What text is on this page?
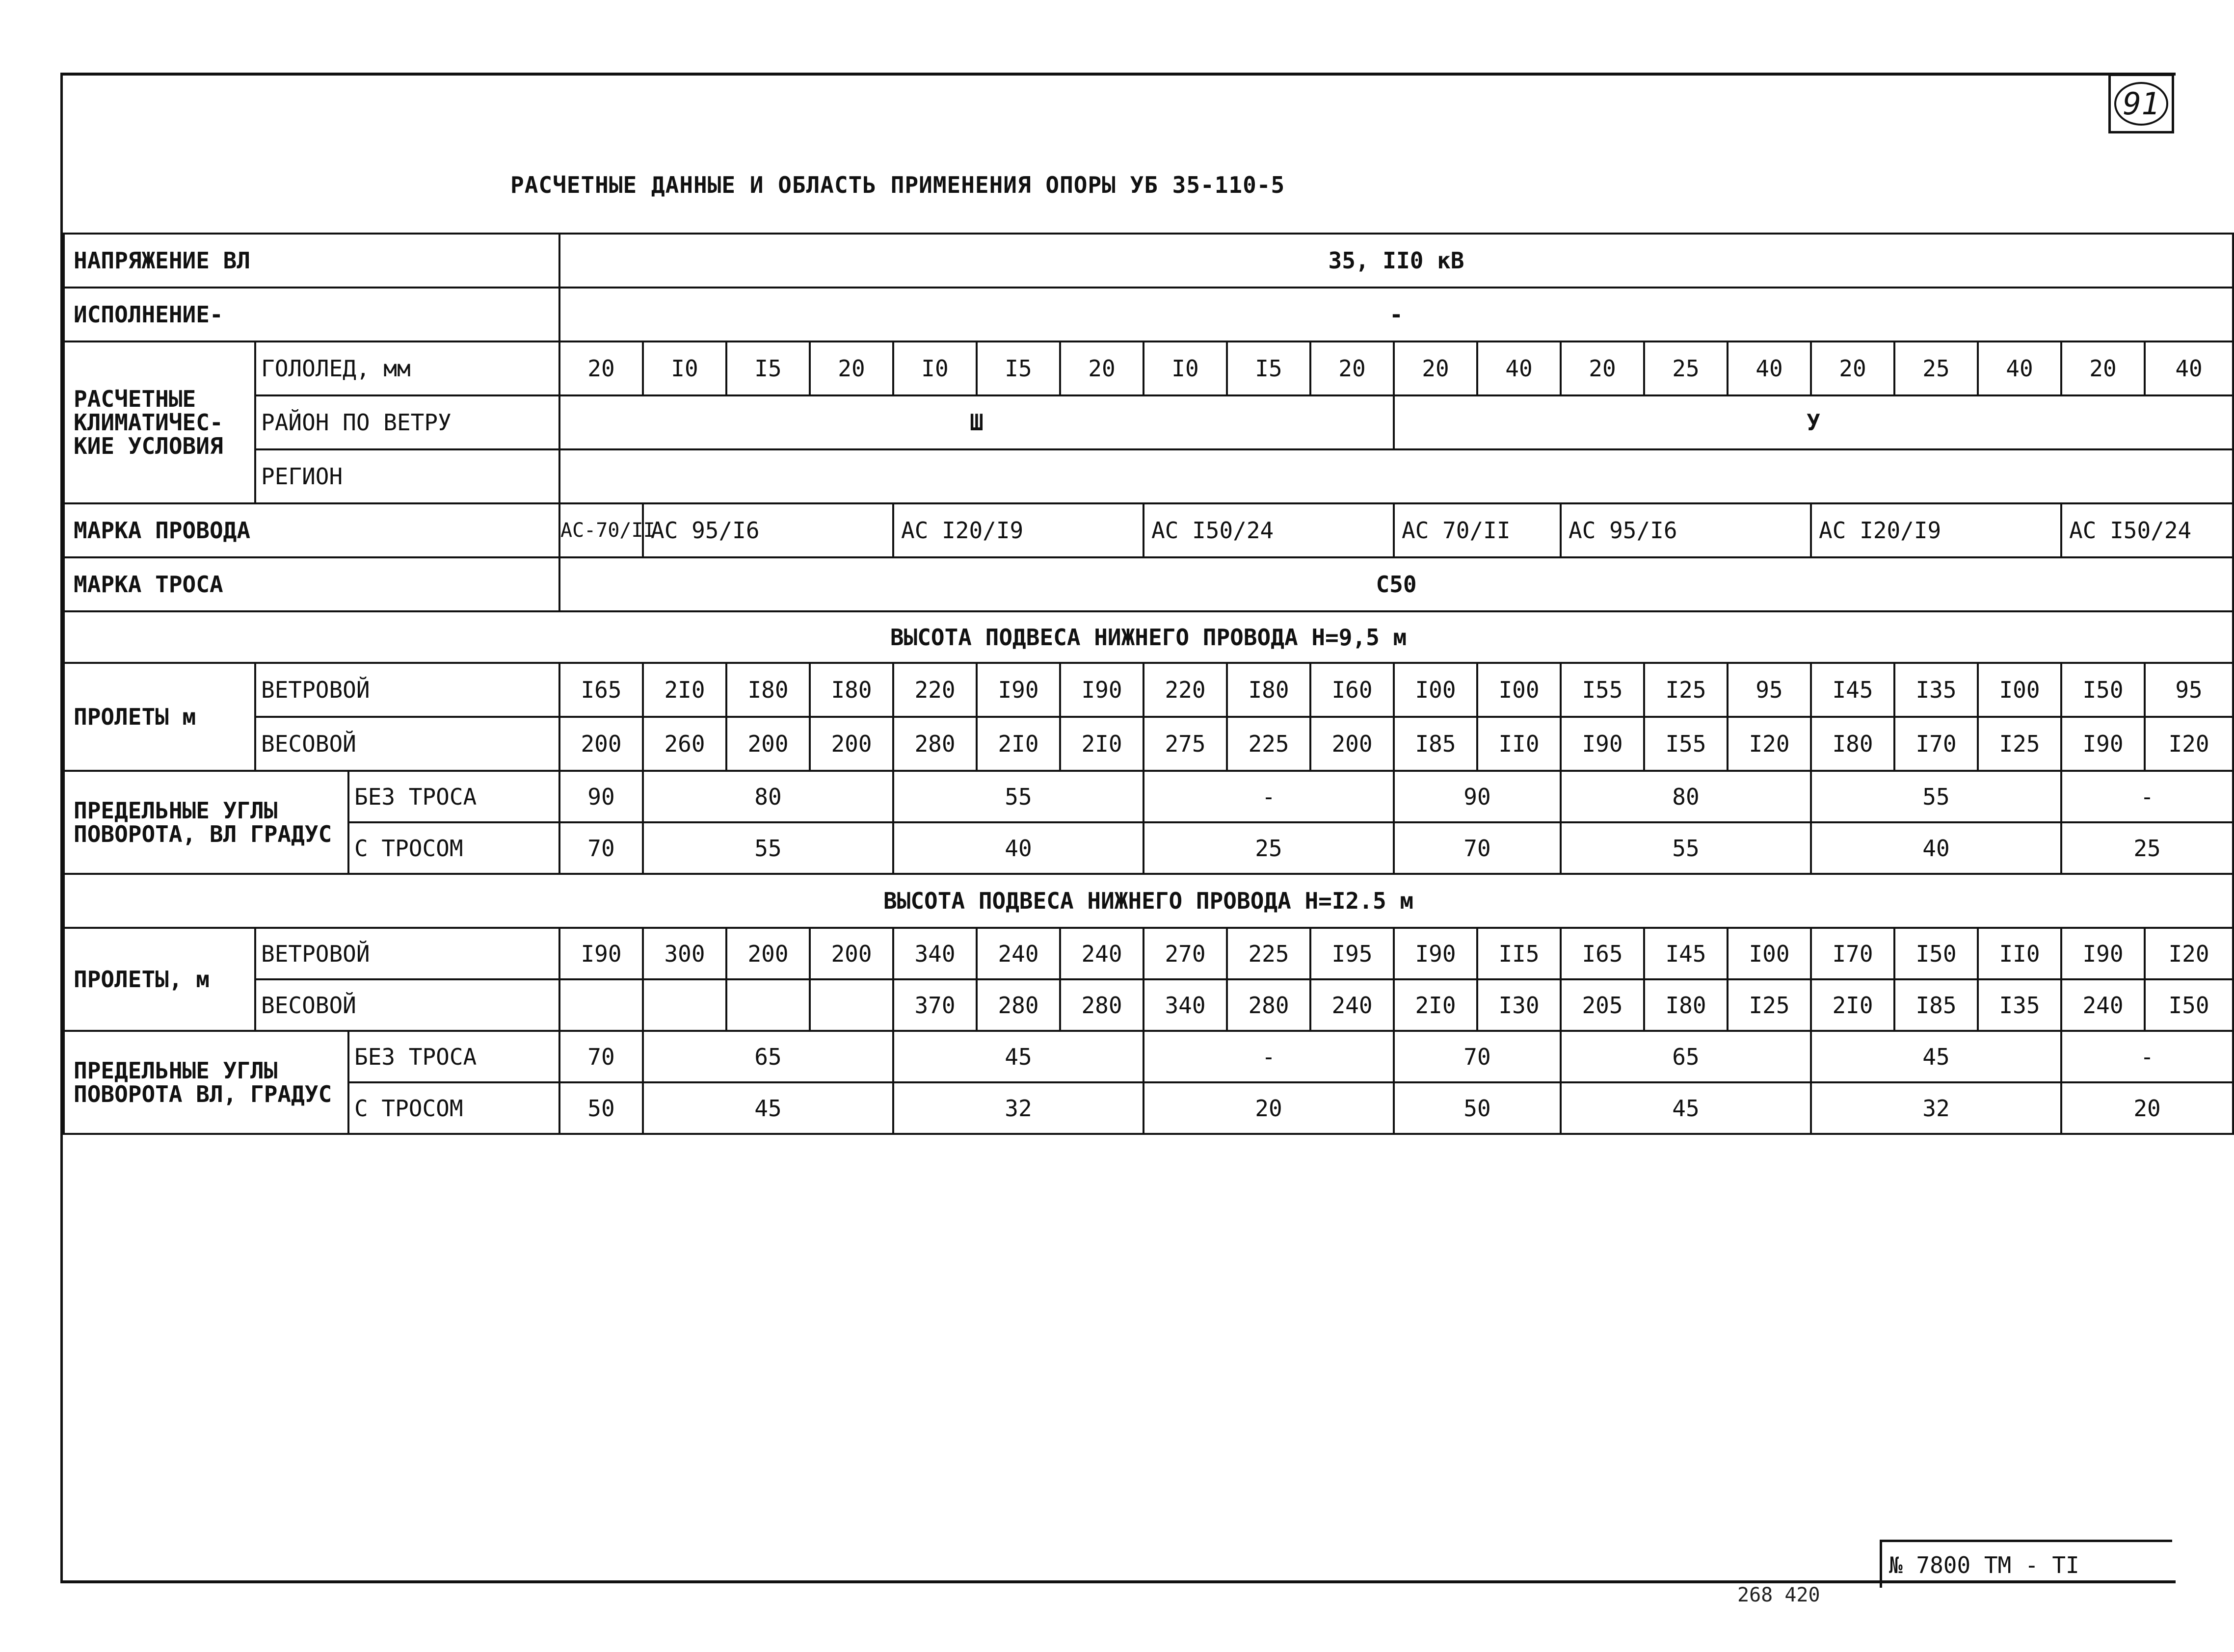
91
РАСЧЕТНЫЕ ДАННЫЕ И ОБЛАСТЬ ПРИМЕНЕНИЯ ОПОРЫ УБ 35-110-5
НАПРЯЖЕНИЕ ВЛ			35, II0 кВ																			
ИСПОЛНЕНИЕ-			-																			
РАСЧЕТНЫЕ КЛИМАТИЧЕС-КИЕ УСЛОВИЯ	ГОЛОЛЕД, мм		20	I0	I5	20	I0	I5	20	I0	I5	20	20	40	20	25	40	20	25	40	20	40
	РАЙОН ПО ВЕТРУ		Ш										У									
	РЕГИОН																					
МАРКА ПРОВОДА			АС-70/II	АС 95/I6			АС I20/I9			АС I50/24			АС 70/II		АС 95/I6			АС I20/I9			АС I50/24	
МАРКА ТРОСА			С50																			
ВЫСОТА ПОДВЕСА НИЖНЕГО ПРОВОДА Н=9,5 м																						
ПРОЛЕТЫ м	ВЕТРОВОЙ		I65	2I0	I80	I80	220	I90	I90	220	I80	I60	I00	I00	I55	I25	95	I45	I35	I00	I50	95
	ВЕСОВОЙ		200	260	200	200	280	2I0	2I0	275	225	200	I85	II0	I90	I55	I20	I80	I70	I25	I90	I20
ПРЕДЕЛЬНЫЕ УГЛЫ ПОВОРОТА, ВЛ ГРАДУС		БЕЗ ТРОСА	90	80			55			-			90		80			55			-	
		С ТРОСОМ	70	55			40			25			70		55			40			25	
ВЫСОТА ПОДВЕСА НИЖНЕГО ПРОВОДА Н=I2.5 м																						
ПРОЛЕТЫ, м	ВЕТРОВОЙ		I90	300	200	200	340	240	240	270	225	I95	I90	II5	I65	I45	I00	I70	I50	II0	I90	I20
	ВЕСОВОЙ						370	280	280	340	280	240	2I0	I30	205	I80	I25	2I0	I85	I35	240	I50
ПРЕДЕЛЬНЫЕ УГЛЫ ПОВОРОТА ВЛ, ГРАДУС		БЕЗ ТРОСА	70	65			45			-			70		65			45			-	
		С ТРОСОМ	50	45			32			20			50		45			32			20	
№ 7800 ТМ - ТI
268 420
